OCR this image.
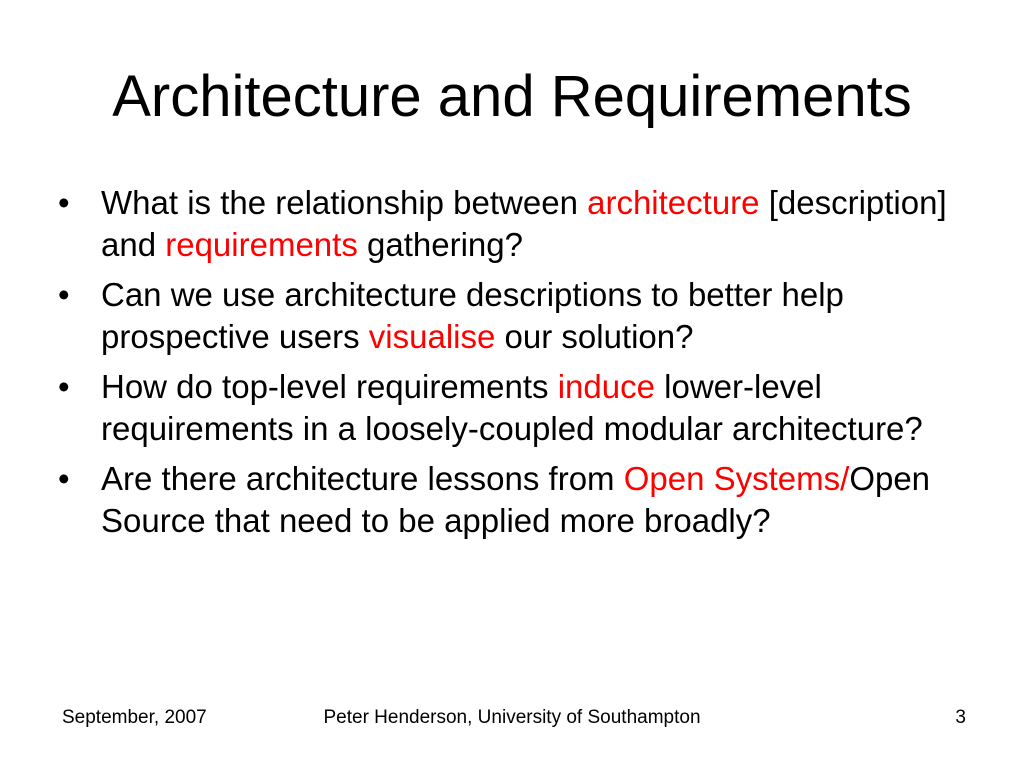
Architecture and Requirements
• What is the relationship between architecture [description] and requirements gathering?
• Can we use architecture descriptions to better help prospective users visualise our solution?
• How do top-level requirements induce lower-level requirements in a loosely-coupled modular architecture?
• Are there architecture lessons from Open Systems/Open Source that need to be applied more broadly?
September, 2007	Peter Henderson, University of Southampton	3
